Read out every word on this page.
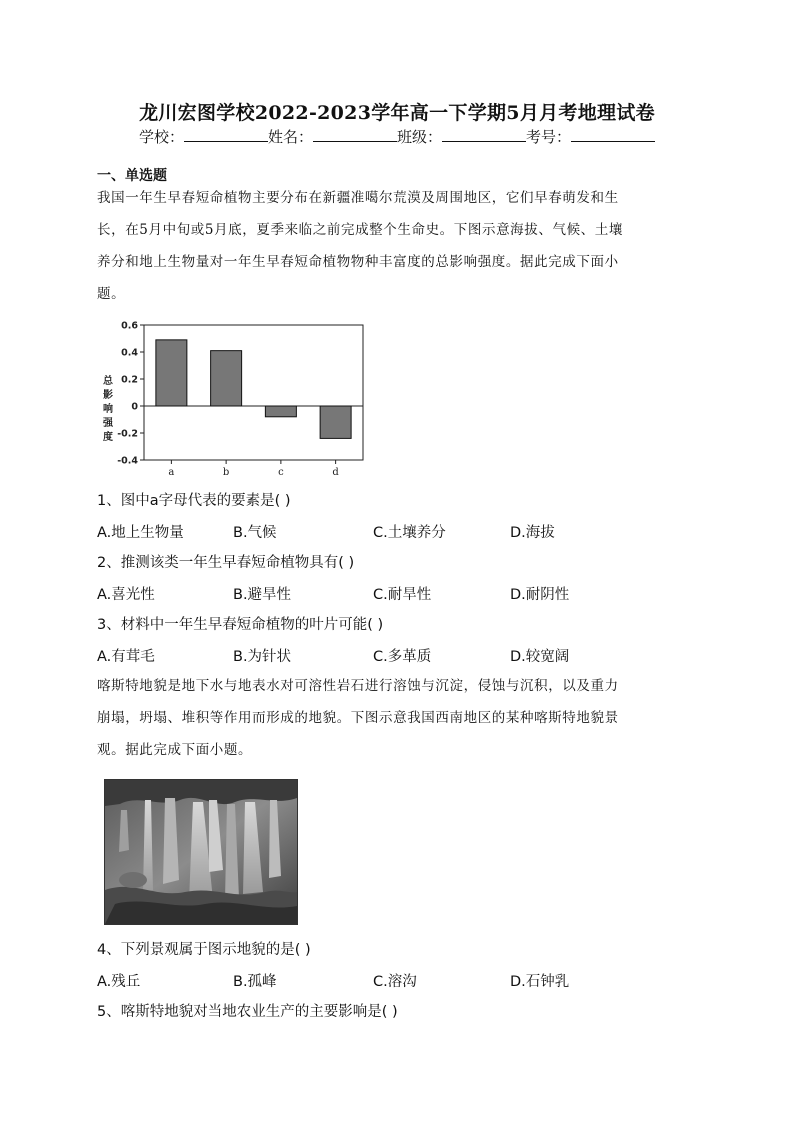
龙川宏图学校2022-2023学年高一下学期5月月考地理试卷
学校：	姓名：	班级：	考号：
一、单选题
我国一年生早春短命植物主要分布在新疆准噶尔荒漠及周围地区，它们早春萌发和生
长，在5月中旬或5月底，夏季来临之前完成整个生命史。下图示意海拔、气候、土壤
养分和地上生物量对一年生早春短命植物物种丰富度的总影响强度。据此完成下面小
题。
0.6
0.4
0.2
0
-0.2
-0.4
a	b	c	d
总
影
响
强
度
1、图中a字母代表的要素是( )
A.地上生物量	B.气候	C.土壤养分	D.海拔
2、推测该类一年生早春短命植物具有( )
A.喜光性	B.避旱性	C.耐旱性	D.耐阴性
3、材料中一年生早春短命植物的叶片可能( )
A.有茸毛	B.为针状	C.多革质	D.较宽阔
喀斯特地貌是地下水与地表水对可溶性岩石进行溶蚀与沉淀，侵蚀与沉积，以及重力
崩塌，坍塌、堆积等作用而形成的地貌。下图示意我国西南地区的某种喀斯特地貌景
观。据此完成下面小题。
4、下列景观属于图示地貌的是( )
A.残丘	B.孤峰	C.溶沟	D.石钟乳
5、喀斯特地貌对当地农业生产的主要影响是( )
